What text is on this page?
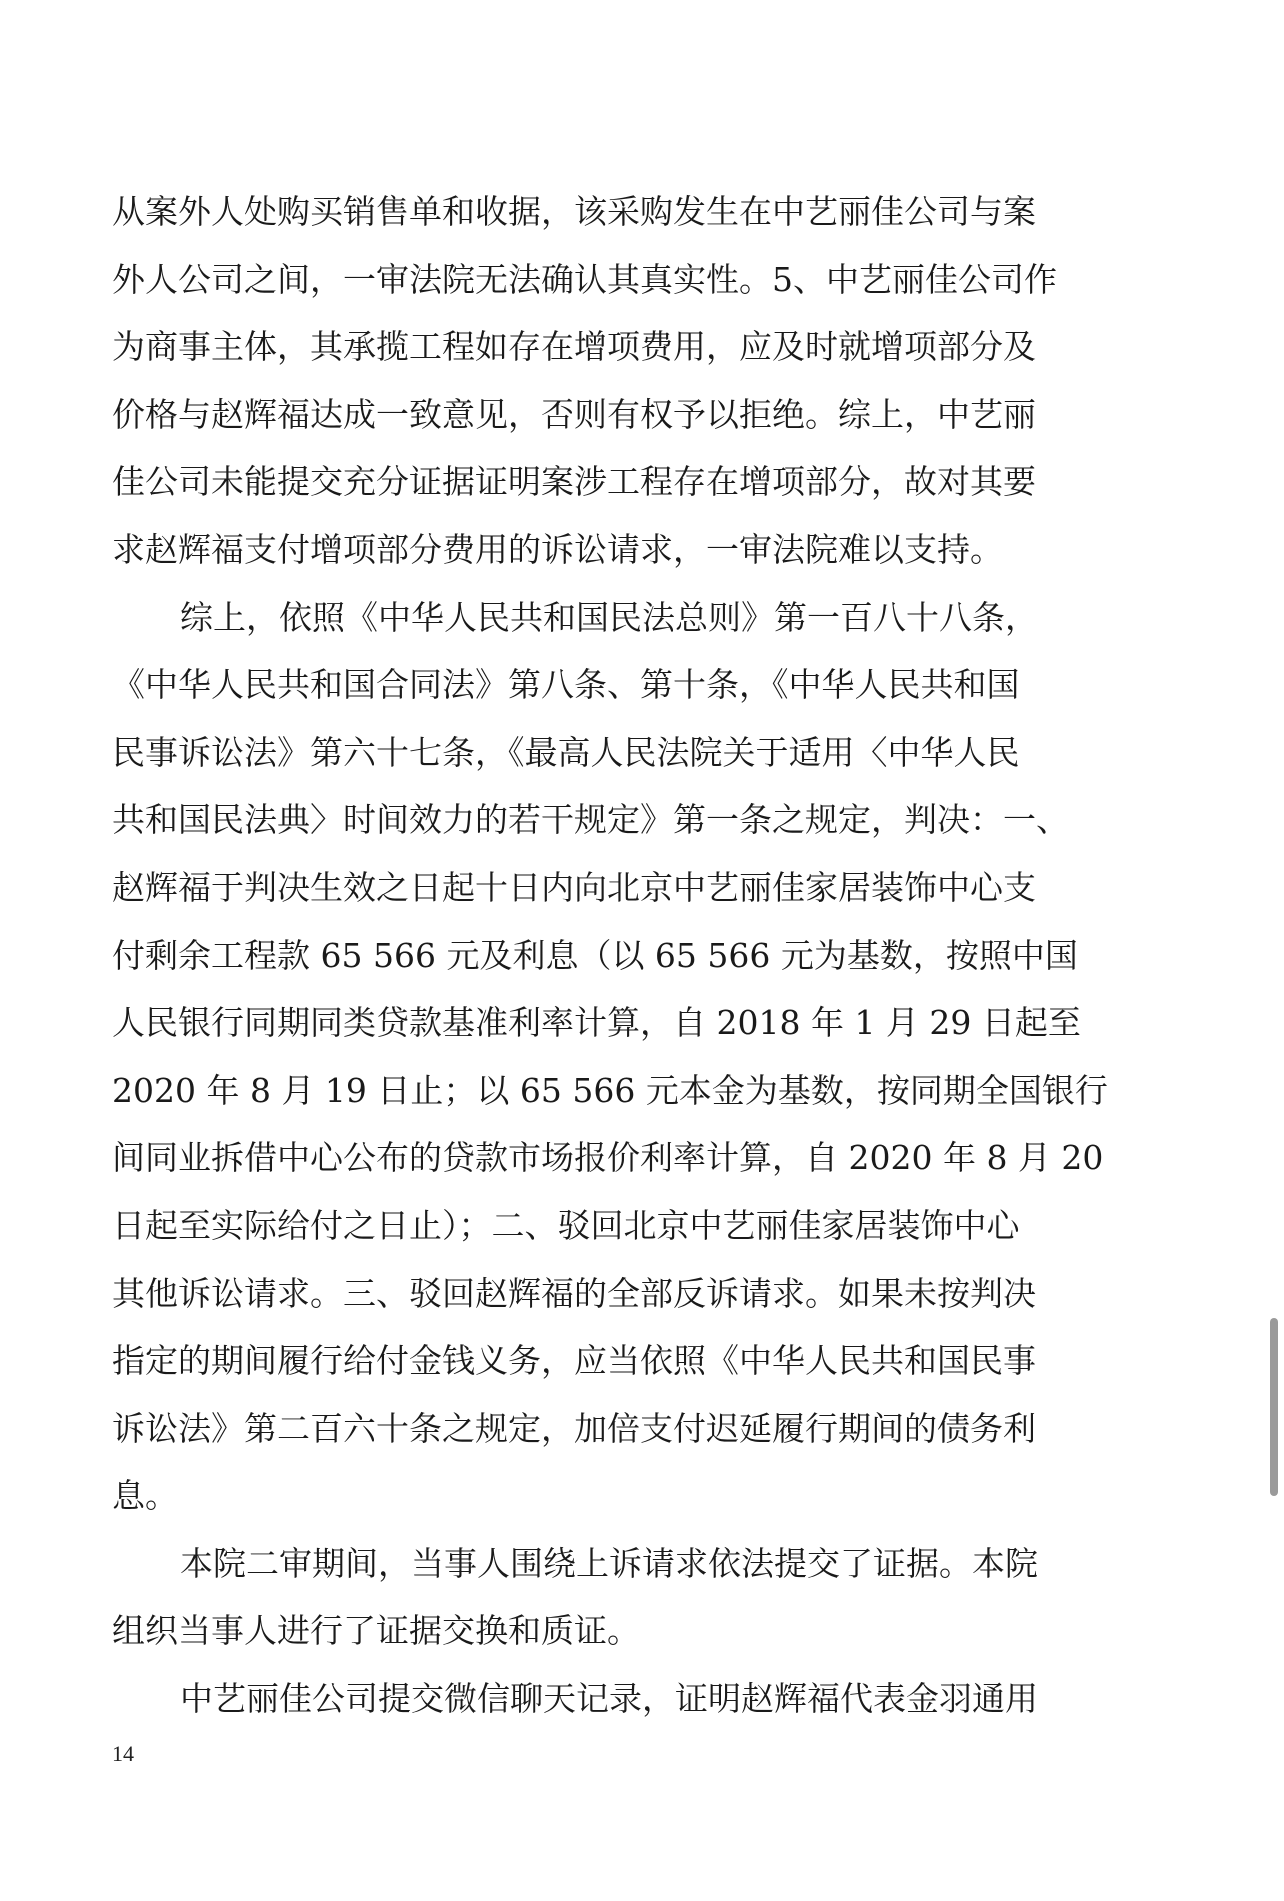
从案外人处购买销售单和收据，该采购发生在中艺丽佳公司与案
外人公司之间，一审法院无法确认其真实性。5、中艺丽佳公司作
为商事主体，其承揽工程如存在增项费用，应及时就增项部分及
价格与赵辉福达成一致意见，否则有权予以拒绝。综上，中艺丽
佳公司未能提交充分证据证明案涉工程存在增项部分，故对其要
求赵辉福支付增项部分费用的诉讼请求，一审法院难以支持。
综上，依照《中华人民共和国民法总则》第一百八十八条，
《中华人民共和国合同法》第八条、第十条，《中华人民共和国
民事诉讼法》第六十七条，《最高人民法院关于适用〈中华人民
共和国民法典〉时间效力的若干规定》第一条之规定，判决：一、
赵辉福于判决生效之日起十日内向北京中艺丽佳家居装饰中心支
付剩余工程款 65 566 元及利息（以 65 566 元为基数，按照中国
人民银行同期同类贷款基准利率计算，自 2018 年 1 月 29 日起至
2020 年 8 月 19 日止；以 65 566 元本金为基数，按同期全国银行
间同业拆借中心公布的贷款市场报价利率计算，自 2020 年 8 月 20
日起至实际给付之日止）；二、驳回北京中艺丽佳家居装饰中心
其他诉讼请求。三、驳回赵辉福的全部反诉请求。如果未按判决
指定的期间履行给付金钱义务，应当依照《中华人民共和国民事
诉讼法》第二百六十条之规定，加倍支付迟延履行期间的债务利
息。
本院二审期间，当事人围绕上诉请求依法提交了证据。本院
组织当事人进行了证据交换和质证。
中艺丽佳公司提交微信聊天记录，证明赵辉福代表金羽通用
14
